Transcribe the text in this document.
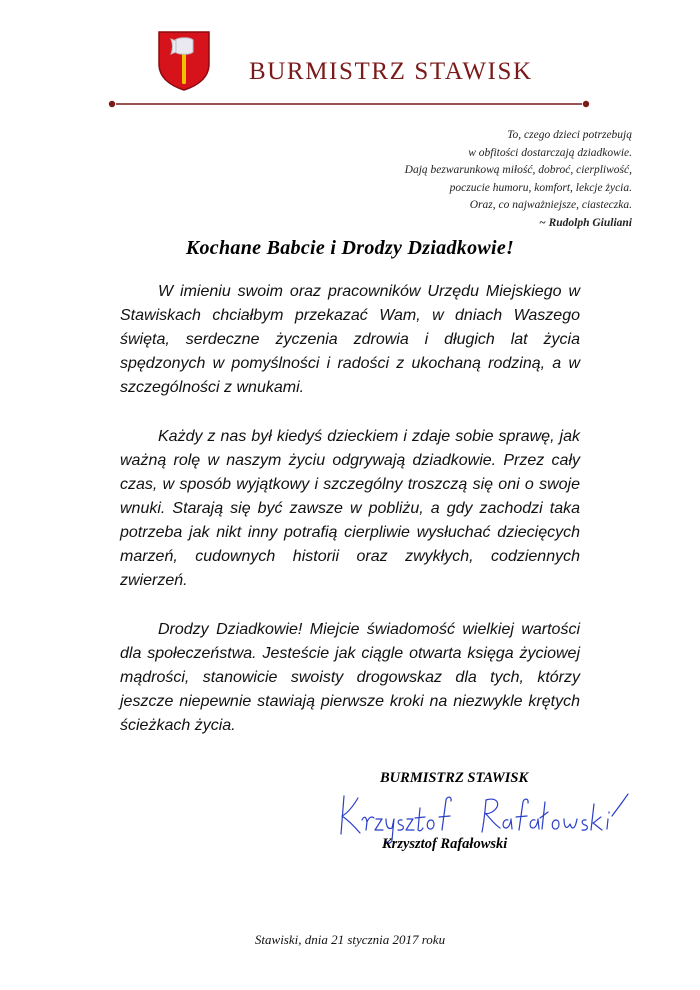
BURMISTRZ STAWISK
To, czego dzieci potrzebują
w obfitości dostarczają dziadkowie.
Dają bezwarunkową miłość, dobroć, cierpliwość,
poczucie humoru, komfort, lekcje życia.
Oraz, co najważniejsze, ciasteczka.
~ Rudolph Giuliani
Kochane Babcie i Drodzy Dziadkowie!

W imieniu swoim oraz pracowników Urzędu Miejskiego w Stawiskach chciałbym przekazać Wam, w dniach Waszego święta, serdeczne życzenia zdrowia i długich lat życia spędzonych w pomyślności i radości z ukochaną rodziną, a w szczególności z wnukami.

Każdy z nas był kiedyś dzieckiem i zdaje sobie sprawę, jak ważną rolę w naszym życiu odgrywają dziadkowie. Przez cały czas, w sposób wyjątkowy i szczególny troszczą się oni o swoje wnuki. Starają się być zawsze w pobliżu, a gdy zachodzi taka potrzeba jak nikt inny potrafią cierpliwie wysłuchać dziecięcych marzeń, cudownych historii oraz zwykłych, codziennych zwierzeń.

Drodzy Dziadkowie! Miejcie świadomość wielkiej wartości dla społeczeństwa. Jesteście jak ciągle otwarta księga życiowej mądrości, stanowicie swoisty drogowskaz dla tych, którzy jeszcze niepewnie stawiają pierwsze kroki na niezwykle krętych ścieżkach życia.

BURMISTRZ STAWISK
Krzysztof Rafałowski
Stawiski, dnia 21 stycznia 2017 roku
